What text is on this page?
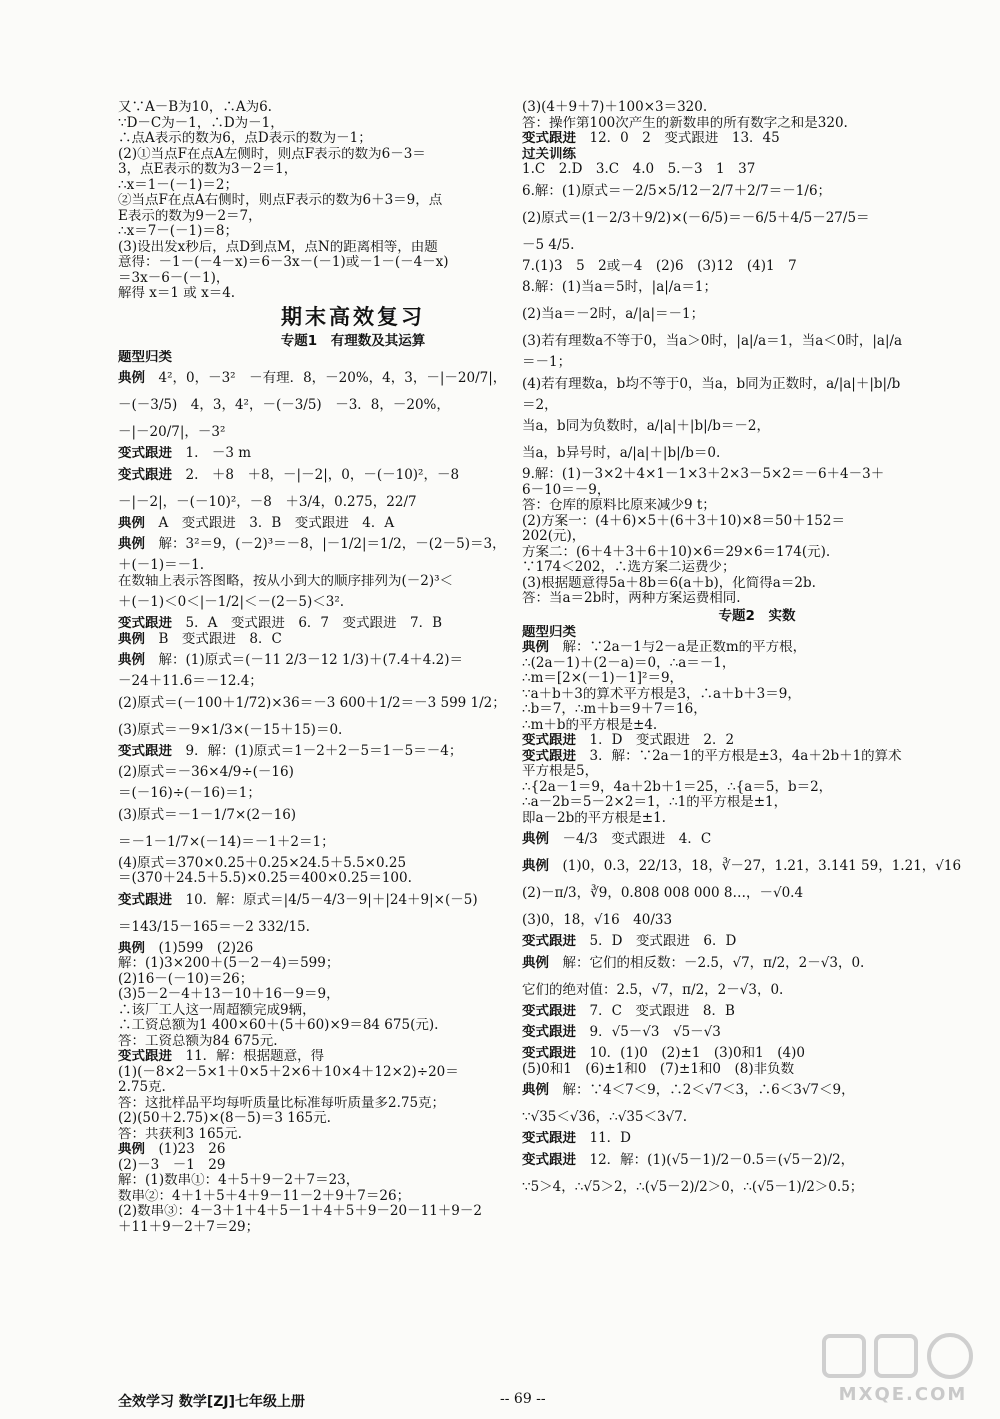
又∵A－B为10，∴A为6.
∵D－C为－1，∴D为－1，
∴点A表示的数为6，点D表示的数为－1；
(2)①当点F在点A左侧时，则点F表示的数为6－3＝
3，点E表示的数为3－2＝1，
∴x＝1－(－1)＝2；
②当点F在点A右侧时，则点F表示的数为6＋3＝9，点
E表示的数为9－2＝7，
∴x＝7－(－1)＝8；
(3)设出发x秒后，点D到点M，点N的距离相等，由题
意得：－1－(－4－x)＝6－3x－(－1)或－1－(－4－x)
＝3x－6－(－1)，
解得 x＝1 或 x＝4.
期末高效复习
专题1　有理数及其运算
题型归类
典例　4²，0，－3²　－有理．8，－20%，4，3，－|－20/7|，
－(－3/5)　4，3，4²，－(－3/5)　－3．8，－20%，
－|－20/7|，－3²
变式跟进　1.　－3 m
变式跟进　2.　＋8　＋8，－|－2|，0，－(－10)²，－8
－|－2|，－(－10)²，－8　＋3/4，0.275，22/7
典例　A　变式跟进　3．B　变式跟进　4．A
典例　解：3²＝9，(－2)³＝－8，|－1/2|＝1/2，－(2－5)＝3，
＋(－1)＝－1.
在数轴上表示答图略，按从小到大的顺序排列为(－2)³＜
＋(－1)＜0＜|－1/2|＜－(2－5)＜3².
变式跟进　5．A　变式跟进　6．7　变式跟进　7．B
典例　B　变式跟进　8．C
典例　解：(1)原式＝(－11 2/3－12 1/3)＋(7.4＋4.2)＝
－24＋11.6＝－12.4；
(2)原式＝(－100＋1/72)×36＝－3 600＋1/2＝－3 599 1/2；
(3)原式＝－9×1/3×(－15＋15)＝0.
变式跟进　9．解：(1)原式＝1－2＋2－5＝1－5＝－4；
(2)原式＝－36×4/9÷(－16)
＝(－16)÷(－16)＝1；
(3)原式＝－1－1/7×(2－16)
＝－1－1/7×(－14)＝－1＋2＝1；
(4)原式＝370×0.25＋0.25×24.5＋5.5×0.25
＝(370＋24.5＋5.5)×0.25＝400×0.25＝100.
变式跟进　10．解：原式＝|4/5－4/3－9|＋|24＋9|×(－5)
＝143/15－165＝－2 332/15.
典例　(1)599　(2)26
解：(1)3×200＋(5－2－4)＝599；
(2)16－(－10)＝26；
(3)5－2－4＋13－10＋16－9＝9，
∴该厂工人这一周超额完成9辆，
∴工资总额为1 400×60＋(5＋60)×9＝84 675(元).
答：工资总额为84 675元.
变式跟进　11．解：根据题意，得
(1)(－8×2－5×1＋0×5＋2×6＋10×4＋12×2)÷20＝
2.75克.
答：这批样品平均每听质量比标准每听质量多2.75克；
(2)(50＋2.75)×(8－5)＝3 165元.
答：共获利3 165元.
典例　(1)23　26
(2)－3　－1　29
解：(1)数串①：4＋5＋9－2＋7＝23，
数串②：4＋1＋5＋4＋9－11－2＋9＋7＝26；
(2)数串③：4－3＋1＋4＋5－1＋4＋5＋9－20－11＋9－2
＋11＋9－2＋7＝29；
(3)(4＋9＋7)＋100×3＝320.
答：操作第100次产生的新数串的所有数字之和是320.
变式跟进　12．0　2　变式跟进　13．45
过关训练
1.C　2.D　3.C　4.0　5.－3　1　37
6.解：(1)原式＝－2/5×5/12－2/7＋2/7＝－1/6；
(2)原式＝(1－2/3＋9/2)×(－6/5)＝－6/5＋4/5－27/5＝
－5 4/5.
7.(1)3　5　2或－4　(2)6　(3)12　(4)1　7
8.解：(1)当a＝5时，|a|/a＝1；
(2)当a＝－2时，a/|a|＝－1；
(3)若有理数a不等于0，当a＞0时，|a|/a＝1，当a＜0时，|a|/a
＝－1；
(4)若有理数a，b均不等于0，当a，b同为正数时，a/|a|＋|b|/b
＝2，
当a，b同为负数时，a/|a|＋|b|/b＝－2，
当a，b异号时，a/|a|＋|b|/b＝0.
9.解：(1)－3×2＋4×1－1×3＋2×3－5×2＝－6＋4－3＋
6－10＝－9，
答：仓库的原料比原来减少9 t；
(2)方案一：(4＋6)×5＋(6＋3＋10)×8＝50＋152＝
202(元)，
方案二：(6＋4＋3＋6＋10)×6＝29×6＝174(元).
∵174＜202，∴选方案二运费少；
(3)根据题意得5a＋8b＝6(a＋b)，化简得a＝2b.
答：当a＝2b时，两种方案运费相同.
专题2　实数
题型归类
典例　解：∵2a－1与2－a是正数m的平方根，
∴(2a－1)＋(2－a)＝0，∴a＝－1，
∴m＝[2×(－1)－1]²＝9，
∵a＋b＋3的算术平方根是3，∴a＋b＋3＝9，
∴b＝7，∴m＋b＝9＋7＝16，
∴m＋b的平方根是±4.
变式跟进　1．D　变式跟进　2．2
变式跟进　3．解：∵2a－1的平方根是±3，4a＋2b＋1的算术
平方根是5，
∴{2a－1＝9，4a＋2b＋1＝25，∴{a＝5，b＝2，
∴a－2b＝5－2×2＝1，∴1的平方根是±1，
即a－2b的平方根是±1.
典例　－4/3　变式跟进　4．C
典例　(1)0，0.3，22/13，18，∛－27，1.21，3.141 59，1.21，√16
(2)－π/3，∛9，0.808 008 000 8…，－√0.4
(3)0，18，√16　40/33
变式跟进　5．D　变式跟进　6．D
典例　解：它们的相反数：－2.5，√7，π/2，2－√3，0.
它们的绝对值：2.5，√7，π/2，2－√3，0.
变式跟进　7．C　变式跟进　8．B
变式跟进　9．√5－√3　√5－√3
变式跟进　10．(1)0　(2)±1　(3)0和1　(4)0
(5)0和1　(6)±1和0　(7)±1和0　(8)非负数
典例　解：∵4＜7＜9，∴2＜√7＜3，∴6＜3√7＜9，
∵√35＜√36，∴√35＜3√7.
变式跟进　11．D
变式跟进　12．解：(1)(√5－1)/2－0.5＝(√5－2)/2，
∵5＞4，∴√5＞2，∴(√5－2)/2＞0，∴(√5－1)/2＞0.5；
全效学习 数学[ZJ]七年级上册	-- 69 --	MXQE.COM
